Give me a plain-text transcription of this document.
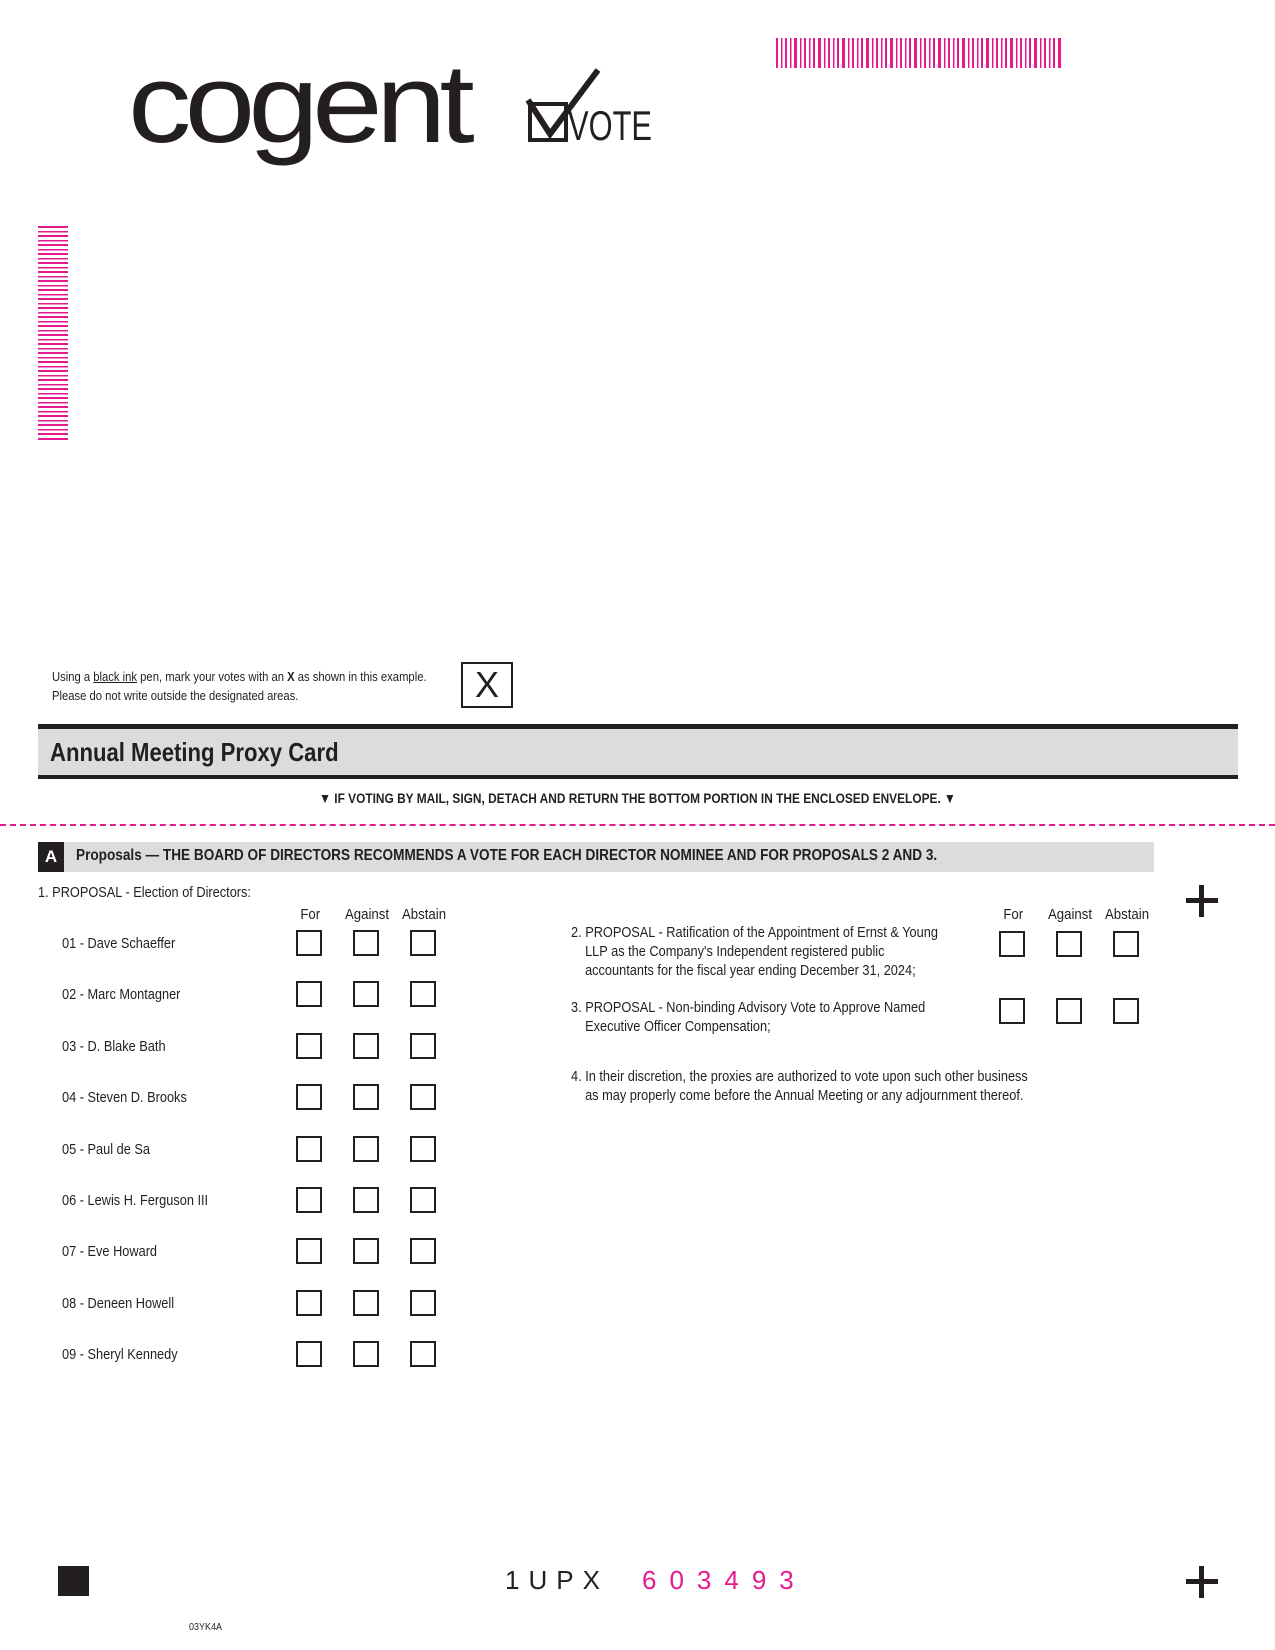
cogent VOTE
Using a black ink pen, mark your votes with an X as shown in this example.
Please do not write outside the designated areas.	X
Annual Meeting Proxy Card
▼ IF VOTING BY MAIL, SIGN, DETACH AND RETURN THE BOTTOM PORTION IN THE ENCLOSED ENVELOPE. ▼
A	Proposals — THE BOARD OF DIRECTORS RECOMMENDS A VOTE FOR EACH DIRECTOR NOMINEE AND FOR PROPOSALS 2 AND 3.
1. PROPOSAL - Election of Directors:
For	Against Abstain
01 - Dave Schaeffer
02 - Marc Montagner
03 - D. Blake Bath
04 - Steven D. Brooks
05 - Paul de Sa
06 - Lewis H. Ferguson III
07 - Eve Howard
08 - Deneen Howell
09 - Sheryl Kennedy
For	Against Abstain
2. PROPOSAL - Ratification of the Appointment of Ernst & Young
LLP as the Company's Independent registered public
accountants for the fiscal year ending December 31, 2024;
3. PROPOSAL - Non-binding Advisory Vote to Approve Named
Executive Officer Compensation;
4. In their discretion, the proxies are authorized to vote upon such other business
as may properly come before the Annual Meeting or any adjournment thereof.
1UPX 603493
03YK4A
